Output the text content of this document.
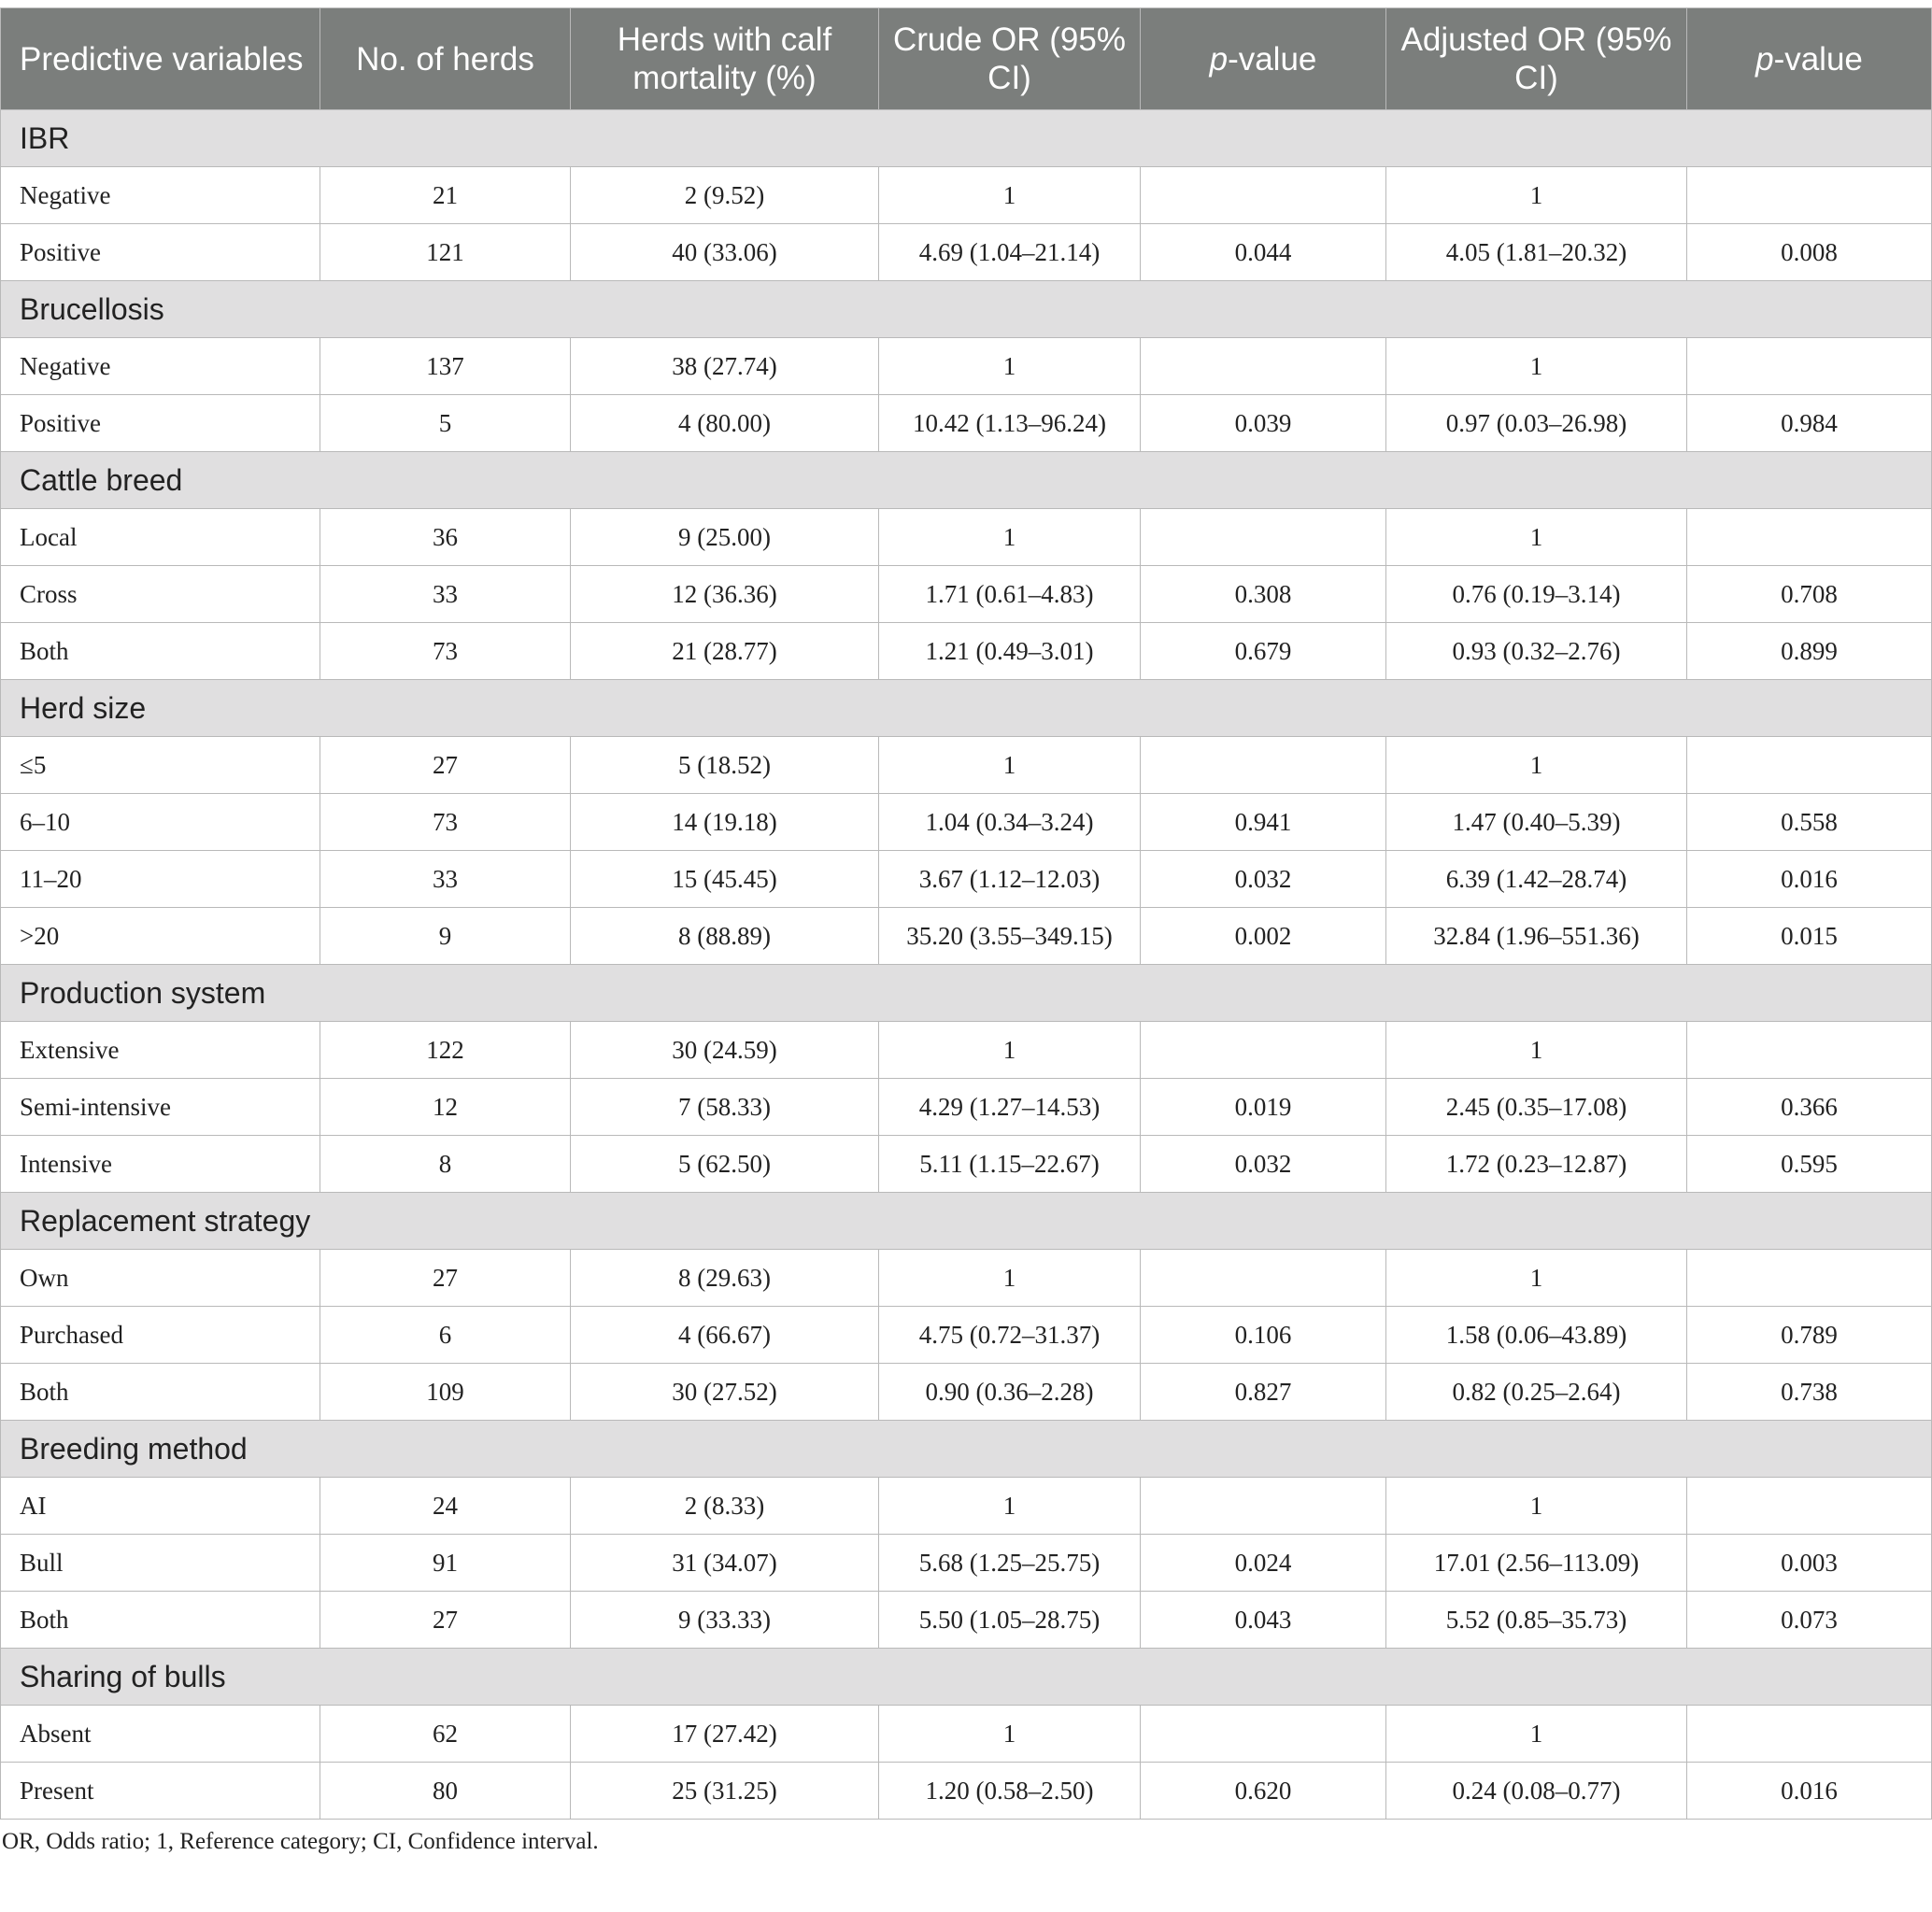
Predictive variables	No. of herds	Herds with calf mortality (%)	Crude OR (95% CI)	p-value	Adjusted OR (95% CI)	p-value
IBR						
Negative	21	2 (9.52)	1		1	
Positive	121	40 (33.06)	4.69 (1.04–21.14)	0.044	4.05 (1.81–20.32)	0.008
Brucellosis						
Negative	137	38 (27.74)	1		1	
Positive	5	4 (80.00)	10.42 (1.13–96.24)	0.039	0.97 (0.03–26.98)	0.984
Cattle breed						
Local	36	9 (25.00)	1		1	
Cross	33	12 (36.36)	1.71 (0.61–4.83)	0.308	0.76 (0.19–3.14)	0.708
Both	73	21 (28.77)	1.21 (0.49–3.01)	0.679	0.93 (0.32–2.76)	0.899
Herd size						
≤5	27	5 (18.52)	1		1	
6–10	73	14 (19.18)	1.04 (0.34–3.24)	0.941	1.47 (0.40–5.39)	0.558
11–20	33	15 (45.45)	3.67 (1.12–12.03)	0.032	6.39 (1.42–28.74)	0.016
>20	9	8 (88.89)	35.20 (3.55–349.15)	0.002	32.84 (1.96–551.36)	0.015
Production system						
Extensive	122	30 (24.59)	1		1	
Semi-intensive	12	7 (58.33)	4.29 (1.27–14.53)	0.019	2.45 (0.35–17.08)	0.366
Intensive	8	5 (62.50)	5.11 (1.15–22.67)	0.032	1.72 (0.23–12.87)	0.595
Replacement strategy						
Own	27	8 (29.63)	1		1	
Purchased	6	4 (66.67)	4.75 (0.72–31.37)	0.106	1.58 (0.06–43.89)	0.789
Both	109	30 (27.52)	0.90 (0.36–2.28)	0.827	0.82 (0.25–2.64)	0.738
Breeding method						
AI	24	2 (8.33)	1		1	
Bull	91	31 (34.07)	5.68 (1.25–25.75)	0.024	17.01 (2.56–113.09)	0.003
Both	27	9 (33.33)	5.50 (1.05–28.75)	0.043	5.52 (0.85–35.73)	0.073
Sharing of bulls						
Absent	62	17 (27.42)	1		1	
Present	80	25 (31.25)	1.20 (0.58–2.50)	0.620	0.24 (0.08–0.77)	0.016
OR, Odds ratio; 1, Reference category; CI, Confidence interval.
